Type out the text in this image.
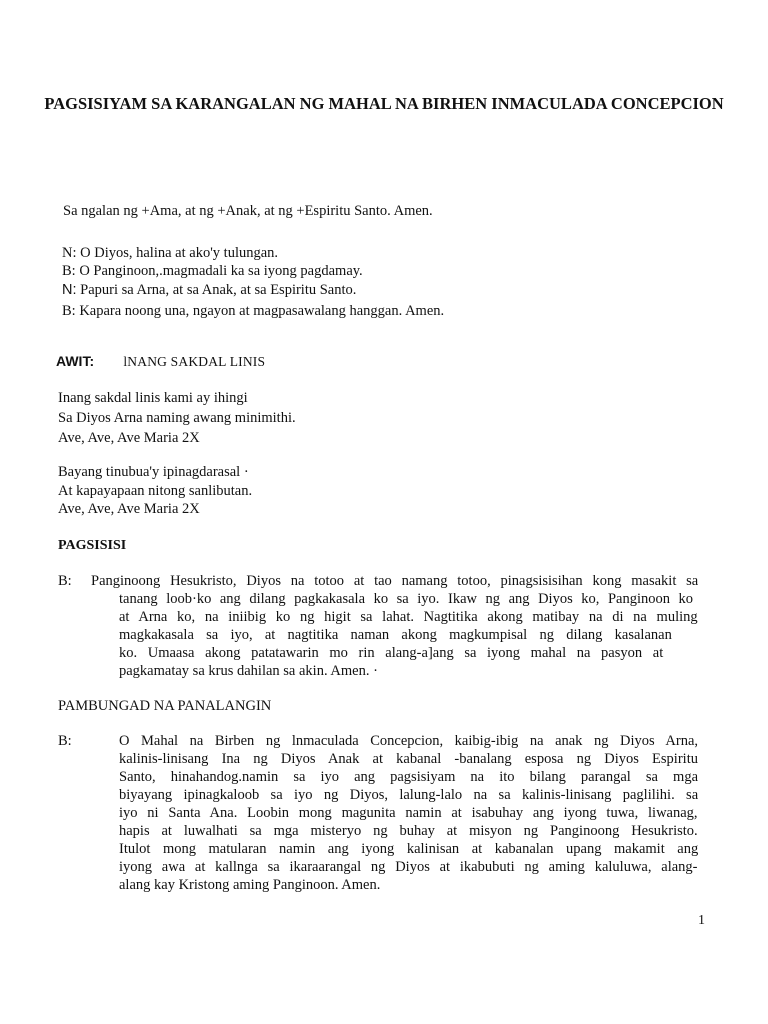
PAGSISIYAM SA KARANGALAN NG MAHAL NA BIRHEN INMACULADA CONCEPCION
Sa ngalan ng +Ama, at ng +Anak, at ng +Espiritu Santo. Amen.
N: O Diyos, halina at ako'y tulungan.
B: O Panginoon,.magmadali ka sa iyong pagdamay.
N: Papuri sa Arna, at sa Anak, at sa Espiritu Santo.
B: Kapara noong una, ngayon at magpasawalang hanggan. Amen.
AWIT: lNANG SAKDAL LINIS
Inang sakdal linis kami ay ihingi
Sa Diyos Arna naming awang minimithi.
Ave, Ave, Ave Maria 2X
Bayang tinubua'y ipinagdarasal ·
At kapayapaan nitong sanlibutan.
Ave, Ave, Ave Maria 2X
PAGSISISI
B: Panginoong Hesukristo, Diyos na totoo at tao namang totoo, pinagsisisihan kong masakit sa
tanang loob·ko ang dilang pagkakasala ko sa iyo. Ikaw ng ang Diyos ko, Panginoon ko
at Arna ko, na iniibig ko ng higit sa lahat. Nagtitika akong matibay na di na muling
magkakasala sa iyo, at nagtitika naman akong magkumpisal ng dilang kasalanan
ko. Umaasa akong patatawarin mo rin alang-a]ang sa iyong mahal na pasyon at
pagkamatay sa krus dahilan sa akin. Amen. ·
PAMBUNGAD NA PANALANGIN
B:	O Mahal na Birben ng lnmaculada Concepcion, kaibig-ibig na anak ng Diyos Arna,
kalinis-linisang Ina ng Diyos Anak at kabanal -banalang esposa ng Diyos Espiritu
Santo, hinahandog.namin sa iyo ang pagsisiyam na ito bilang parangal sa mga
biyayang ipinagkaloob sa iyo ng Diyos, lalung-lalo na sa kalinis-linisang paglilihi. sa
iyo ni Santa Ana. Loobin mong magunita namin at isabuhay ang iyong tuwa, liwanag,
hapis at luwalhati sa mga misteryo ng buhay at misyon ng Panginoong Hesukristo.
Itulot mong matularan namin ang iyong kalinisan at kabanalan upang makamit ang
iyong awa at kallnga sa ikaraarangal ng Diyos at ikabubuti ng aming kaluluwa, alang-
alang kay Kristong aming Panginoon. Amen.
1
